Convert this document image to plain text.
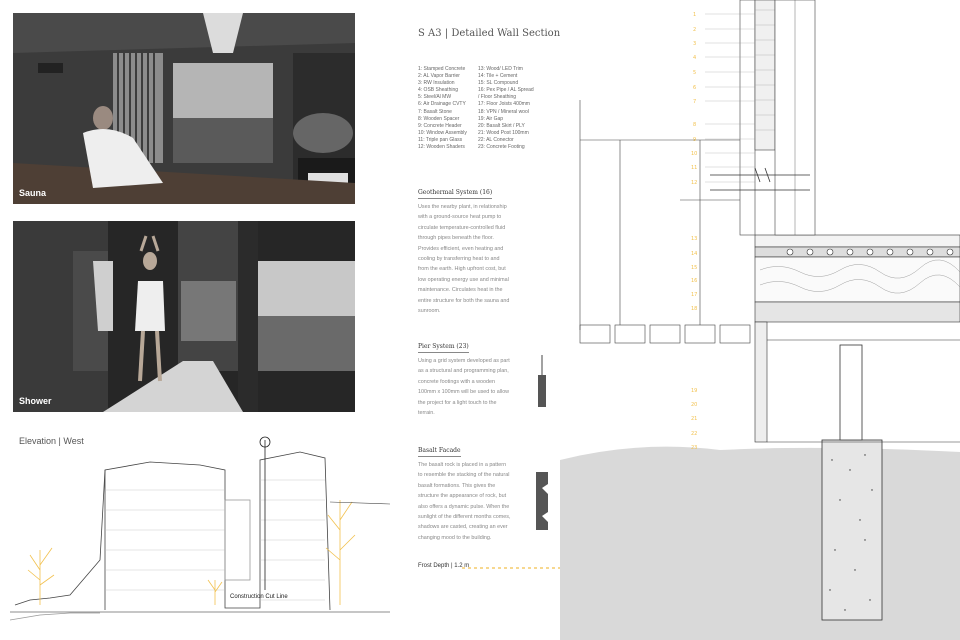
Sauna
Shower
Elevation | West
Construction Cut Line
S A3 | Detailed Wall Section
1: Stamped Concrete
2: AL Vapor Barrier
3: RW Insulation
4: OSB Sheathing
5: Steel/Al MW
6: Air Drainage CVTY
7: Basalt Stone
8: Wooden Spacer
9: Concrete Header
10: Window Assembly
11: Triple pan Glass
12: Wooden Shaders
13: Wood/ LED Trim
14: Tile + Cement
15: SL Compound
16: Pex Pipe / AL Spread
/ Floor Sheathing
17: Floor Joists 400mm
18: VPN / Mineral wool
19: Air Gap
20: Basalt Skirt / PLY
21: Wood Post 100mm
22: AL Conector
23: Concrete Footing
Geothermal System (16)
Uses the nearby plant, in relationship
with a ground-source heat pump to
circulate temperature-controlled fluid
through pipes beneath the floor.
Provides efficient, even heating and
cooling by transferring heat to and
from the earth. High upfront cost, but
low operating energy use and minimal
maintenance. Circulates heat in the
entire structure for both the sauna and
sunroom.
Pier System (23)
Using a grid system developed as part
as a structural and programming plan,
concrete footings with a wooden
100mm x 100mm will be used to allow
the project for a light touch to the
terrain.
Basalt Facade
The basalt rock is placed in a pattern
to resemble the stacking of the natural
basalt formations. This gives the
structure the appearance of rock, but
also offers a dynamic pulse. When the
sunlight of the different months comes,
shadows are casted, creating an ever
changing mood to the building.
Frost Depth | 1.2 m
1
2
3
4
5
6
7
8
9
10
11
12
13
14
15
16
17
18
19
20
21
22
23
